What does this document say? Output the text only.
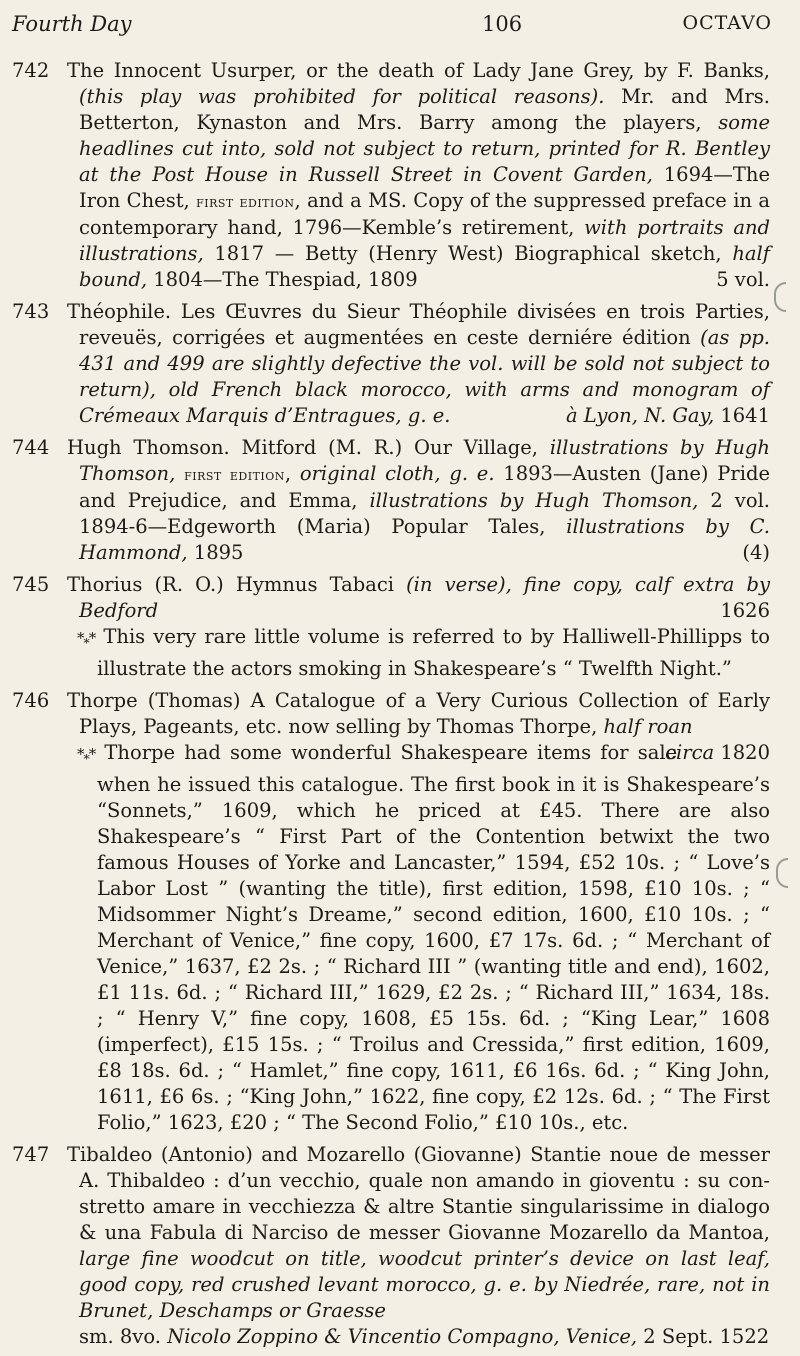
Fourth Day	106	OCTAVO
742 The Innocent Usurper, or the death of Lady Jane Grey, by F. Banks, (this play was prohibited for political reasons). Mr. and Mrs. Betterton, Kynaston and Mrs. Barry among the players, some headlines cut into, sold not subject to return, printed for R. Bentley at the Post House in Russell Street in Covent Garden, 1694—The Iron Chest, first edition, and a MS. Copy of the suppressed preface in a contemporary hand, 1796—Kemble’s retirement, with portraits and illustrations, 1817 — Betty (Henry West) Biographical sketch, half bound, 1804—The Thespiad, 1809	5 vol.
743 Théophile. Les Œuvres du Sieur Théophile divisées en trois Parties, reveuës, corrigées et augmentées en ceste derniére édition (as pp. 431 and 499 are slightly defective the vol. will be sold not subject to return), old French black morocco, with arms and monogram of Crémeaux Marquis d’Entragues, g. e.	à Lyon, N. Gay, 1641
744 Hugh Thomson. Mitford (M. R.) Our Village, illustrations by Hugh Thomson, first edition, original cloth, g. e. 1893—Austen (Jane) Pride and Prejudice, and Emma, illustrations by Hugh Thomson, 2 vol. 1894-6—Edgeworth (Maria) Popular Tales, illustrations by C. Hammond, 1895	(4)
745 Thorius (R. O.) Hymnus Tabaci (in verse), fine copy, calf extra by Bedford	1626
$*_**$ This very rare little volume is referred to by Halliwell-Phillipps to illustrate the actors smoking in Shakespeare’s “ Twelfth Night.”
746 Thorpe (Thomas) A Catalogue of a Very Curious Collection of Early Plays, Pageants, etc. now selling by Thomas Thorpe, half roan
circa 1820
$*_**$ Thorpe had some wonderful Shakespeare items for sale when he issued this catalogue. The first book in it is Shakespeare’s “Sonnets,” 1609, which he priced at £45. There are also Shakespeare’s “ First Part of the Contention betwixt the two famous Houses of Yorke and Lancaster,” 1594, £52 10s. ; “ Love’s Labor Lost ” (wanting the title), first edition, 1598, £10 10s. ; “ Midsommer Night’s Dreame,” second edition, 1600, £10 10s. ; “ Merchant of Venice,” fine copy, 1600, £7 17s. 6d. ; “ Merchant of Venice,” 1637, £2 2s. ; “ Richard III ” (wanting title and end), 1602, £1 11s. 6d. ; “ Richard III,” 1629, £2 2s. ; “ Richard III,” 1634, 18s. ; “ Henry V,” fine copy, 1608, £5 15s. 6d. ; “King Lear,” 1608 (imperfect), £15 15s. ; “ Troilus and Cressida,” first edition, 1609, £8 18s. 6d. ; “ Hamlet,” fine copy, 1611, £6 16s. 6d. ; “ King John, 1611, £6 6s. ; “King John,” 1622, fine copy, £2 12s. 6d. ; “ The First Folio,” 1623, £20 ; “ The Second Folio,” £10 10s., etc.
747 Tibaldeo (Antonio) and Mozarello (Giovanne) Stantie noue de messer A. Thibaldeo : d’un vecchio, quale non amando in gioventu : su con-stretto amare in vecchiezza & altre Stantie singularissime in dialogo & una Fabula di Narciso de messer Giovanne Mozarello da Mantoa, large fine woodcut on title, woodcut printer’s device on last leaf, good copy, red crushed levant morocco, g. e. by Niedrée, rare, not in Brunet, Deschamps or Graesse
sm. 8vo. Nicolo Zoppino & Vincentio Compagno, Venice, 2 Sept. 1522
